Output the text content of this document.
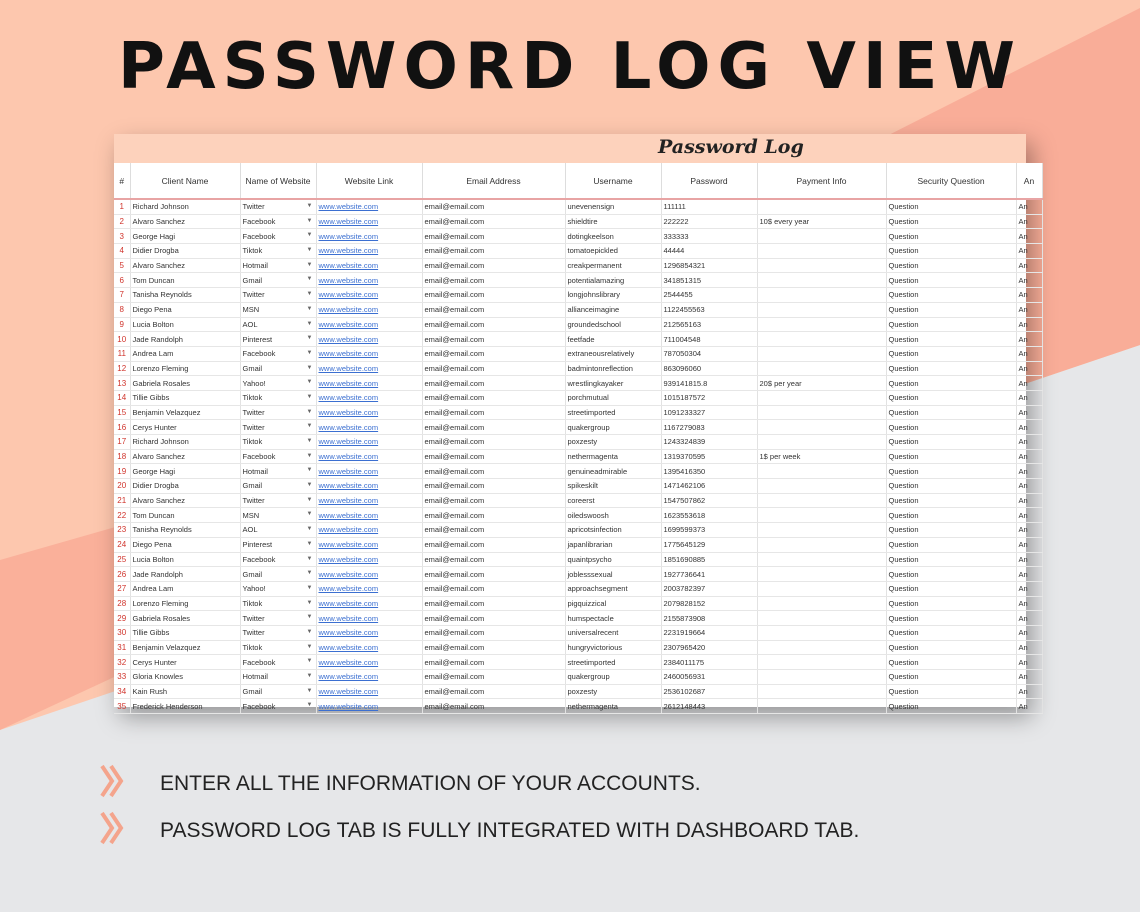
PASSWORD LOG VIEW
Password Log
#	Client Name	Name of Website	Website Link	Email Address	Username	Password	Payment Info	Security Question	An
1	Richard Johnson	Twitter ▼	www.website.com	email@email.com	unevenensign	111111		Question	An
2	Alvaro Sanchez	Facebook ▼	www.website.com	email@email.com	shieldtire	222222	10$ every year	Question	An
3	George Hagi	Facebook ▼	www.website.com	email@email.com	dotingkeelson	333333		Question	An
4	Didier Drogba	Tiktok ▼	www.website.com	email@email.com	tomatoepickled	44444		Question	An
5	Alvaro Sanchez	Hotmail ▼	www.website.com	email@email.com	creakpermanent	1296854321		Question	An
6	Tom Duncan	Gmail ▼	www.website.com	email@email.com	potentialamazing	341851315		Question	An
7	Tanisha Reynolds	Twitter ▼	www.website.com	email@email.com	longjohnslibrary	2544455		Question	An
8	Diego Pena	MSN ▼	www.website.com	email@email.com	allianceimagine	1122455563		Question	An
9	Lucia Bolton	AOL ▼	www.website.com	email@email.com	groundedschool	212565163		Question	An
10	Jade Randolph	Pinterest ▼	www.website.com	email@email.com	feetfade	711004548		Question	An
11	Andrea Lam	Facebook ▼	www.website.com	email@email.com	extraneousrelatively	787050304		Question	An
12	Lorenzo Fleming	Gmail ▼	www.website.com	email@email.com	badmintonreflection	863096060		Question	An
13	Gabriela Rosales	Yahoo! ▼	www.website.com	email@email.com	wrestlingkayaker	939141815.8	20$ per year	Question	An
14	Tillie Gibbs	Tiktok ▼	www.website.com	email@email.com	porchmutual	1015187572		Question	An
15	Benjamin Velazquez	Twitter ▼	www.website.com	email@email.com	streetimported	1091233327		Question	An
16	Cerys Hunter	Twitter ▼	www.website.com	email@email.com	quakergroup	1167279083		Question	An
17	Richard Johnson	Tiktok ▼	www.website.com	email@email.com	poxzesty	1243324839		Question	An
18	Alvaro Sanchez	Facebook ▼	www.website.com	email@email.com	nethermagenta	1319370595	1$ per week	Question	An
19	George Hagi	Hotmail ▼	www.website.com	email@email.com	genuineadmirable	1395416350		Question	An
20	Didier Drogba	Gmail ▼	www.website.com	email@email.com	spikeskilt	1471462106		Question	An
21	Alvaro Sanchez	Twitter ▼	www.website.com	email@email.com	coreerst	1547507862		Question	An
22	Tom Duncan	MSN ▼	www.website.com	email@email.com	oiledswoosh	1623553618		Question	An
23	Tanisha Reynolds	AOL ▼	www.website.com	email@email.com	apricotsinfection	1699599373		Question	An
24	Diego Pena	Pinterest ▼	www.website.com	email@email.com	japanlibrarian	1775645129		Question	An
25	Lucia Bolton	Facebook ▼	www.website.com	email@email.com	quaintpsycho	1851690885		Question	An
26	Jade Randolph	Gmail ▼	www.website.com	email@email.com	joblesssexual	1927736641		Question	An
27	Andrea Lam	Yahoo! ▼	www.website.com	email@email.com	approachsegment	2003782397		Question	An
28	Lorenzo Fleming	Tiktok ▼	www.website.com	email@email.com	pigquizzical	2079828152		Question	An
29	Gabriela Rosales	Twitter ▼	www.website.com	email@email.com	humspectacle	2155873908		Question	An
30	Tillie Gibbs	Twitter ▼	www.website.com	email@email.com	universalrecent	2231919664		Question	An
31	Benjamin Velazquez	Tiktok ▼	www.website.com	email@email.com	hungryvictorious	2307965420		Question	An
32	Cerys Hunter	Facebook ▼	www.website.com	email@email.com	streetimported	2384011175		Question	An
33	Gloria Knowles	Hotmail ▼	www.website.com	email@email.com	quakergroup	2460056931		Question	An
34	Kain Rush	Gmail ▼	www.website.com	email@email.com	poxzesty	2536102687		Question	An
35	Frederick Henderson	Facebook ▼	www.website.com	email@email.com	nethermagenta	2612148443		Question	An
ENTER ALL THE INFORMATION OF YOUR ACCOUNTS.
PASSWORD LOG TAB IS FULLY INTEGRATED WITH DASHBOARD TAB.
